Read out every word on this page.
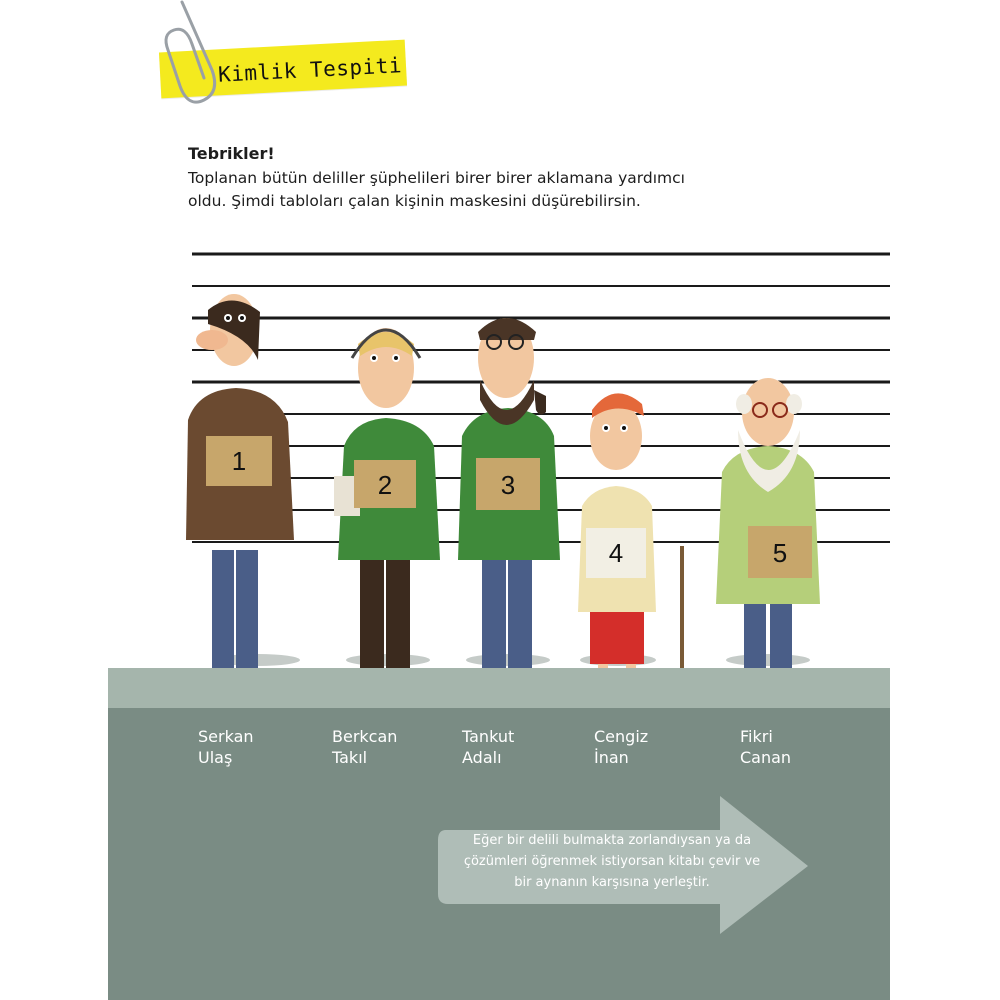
Kimlik Tespiti

Tebrikler!

Toplanan bütün deliller şüphelileri birer birer aklamana yardımcı
oldu. Şimdi tabloları çalan kişinin maskesini düşürebilirsin.

1
2	3
4	5
Serkan
Ulaş
Berkcan
Takıl
Tankut
Adalı
Cengiz
İnan
Fikri
Canan
Eğer bir delili bulmakta zorlandıysan ya da
çözümleri öğrenmek istiyorsan kitabı çevir ve
bir aynanın karşısına yerleştir.
